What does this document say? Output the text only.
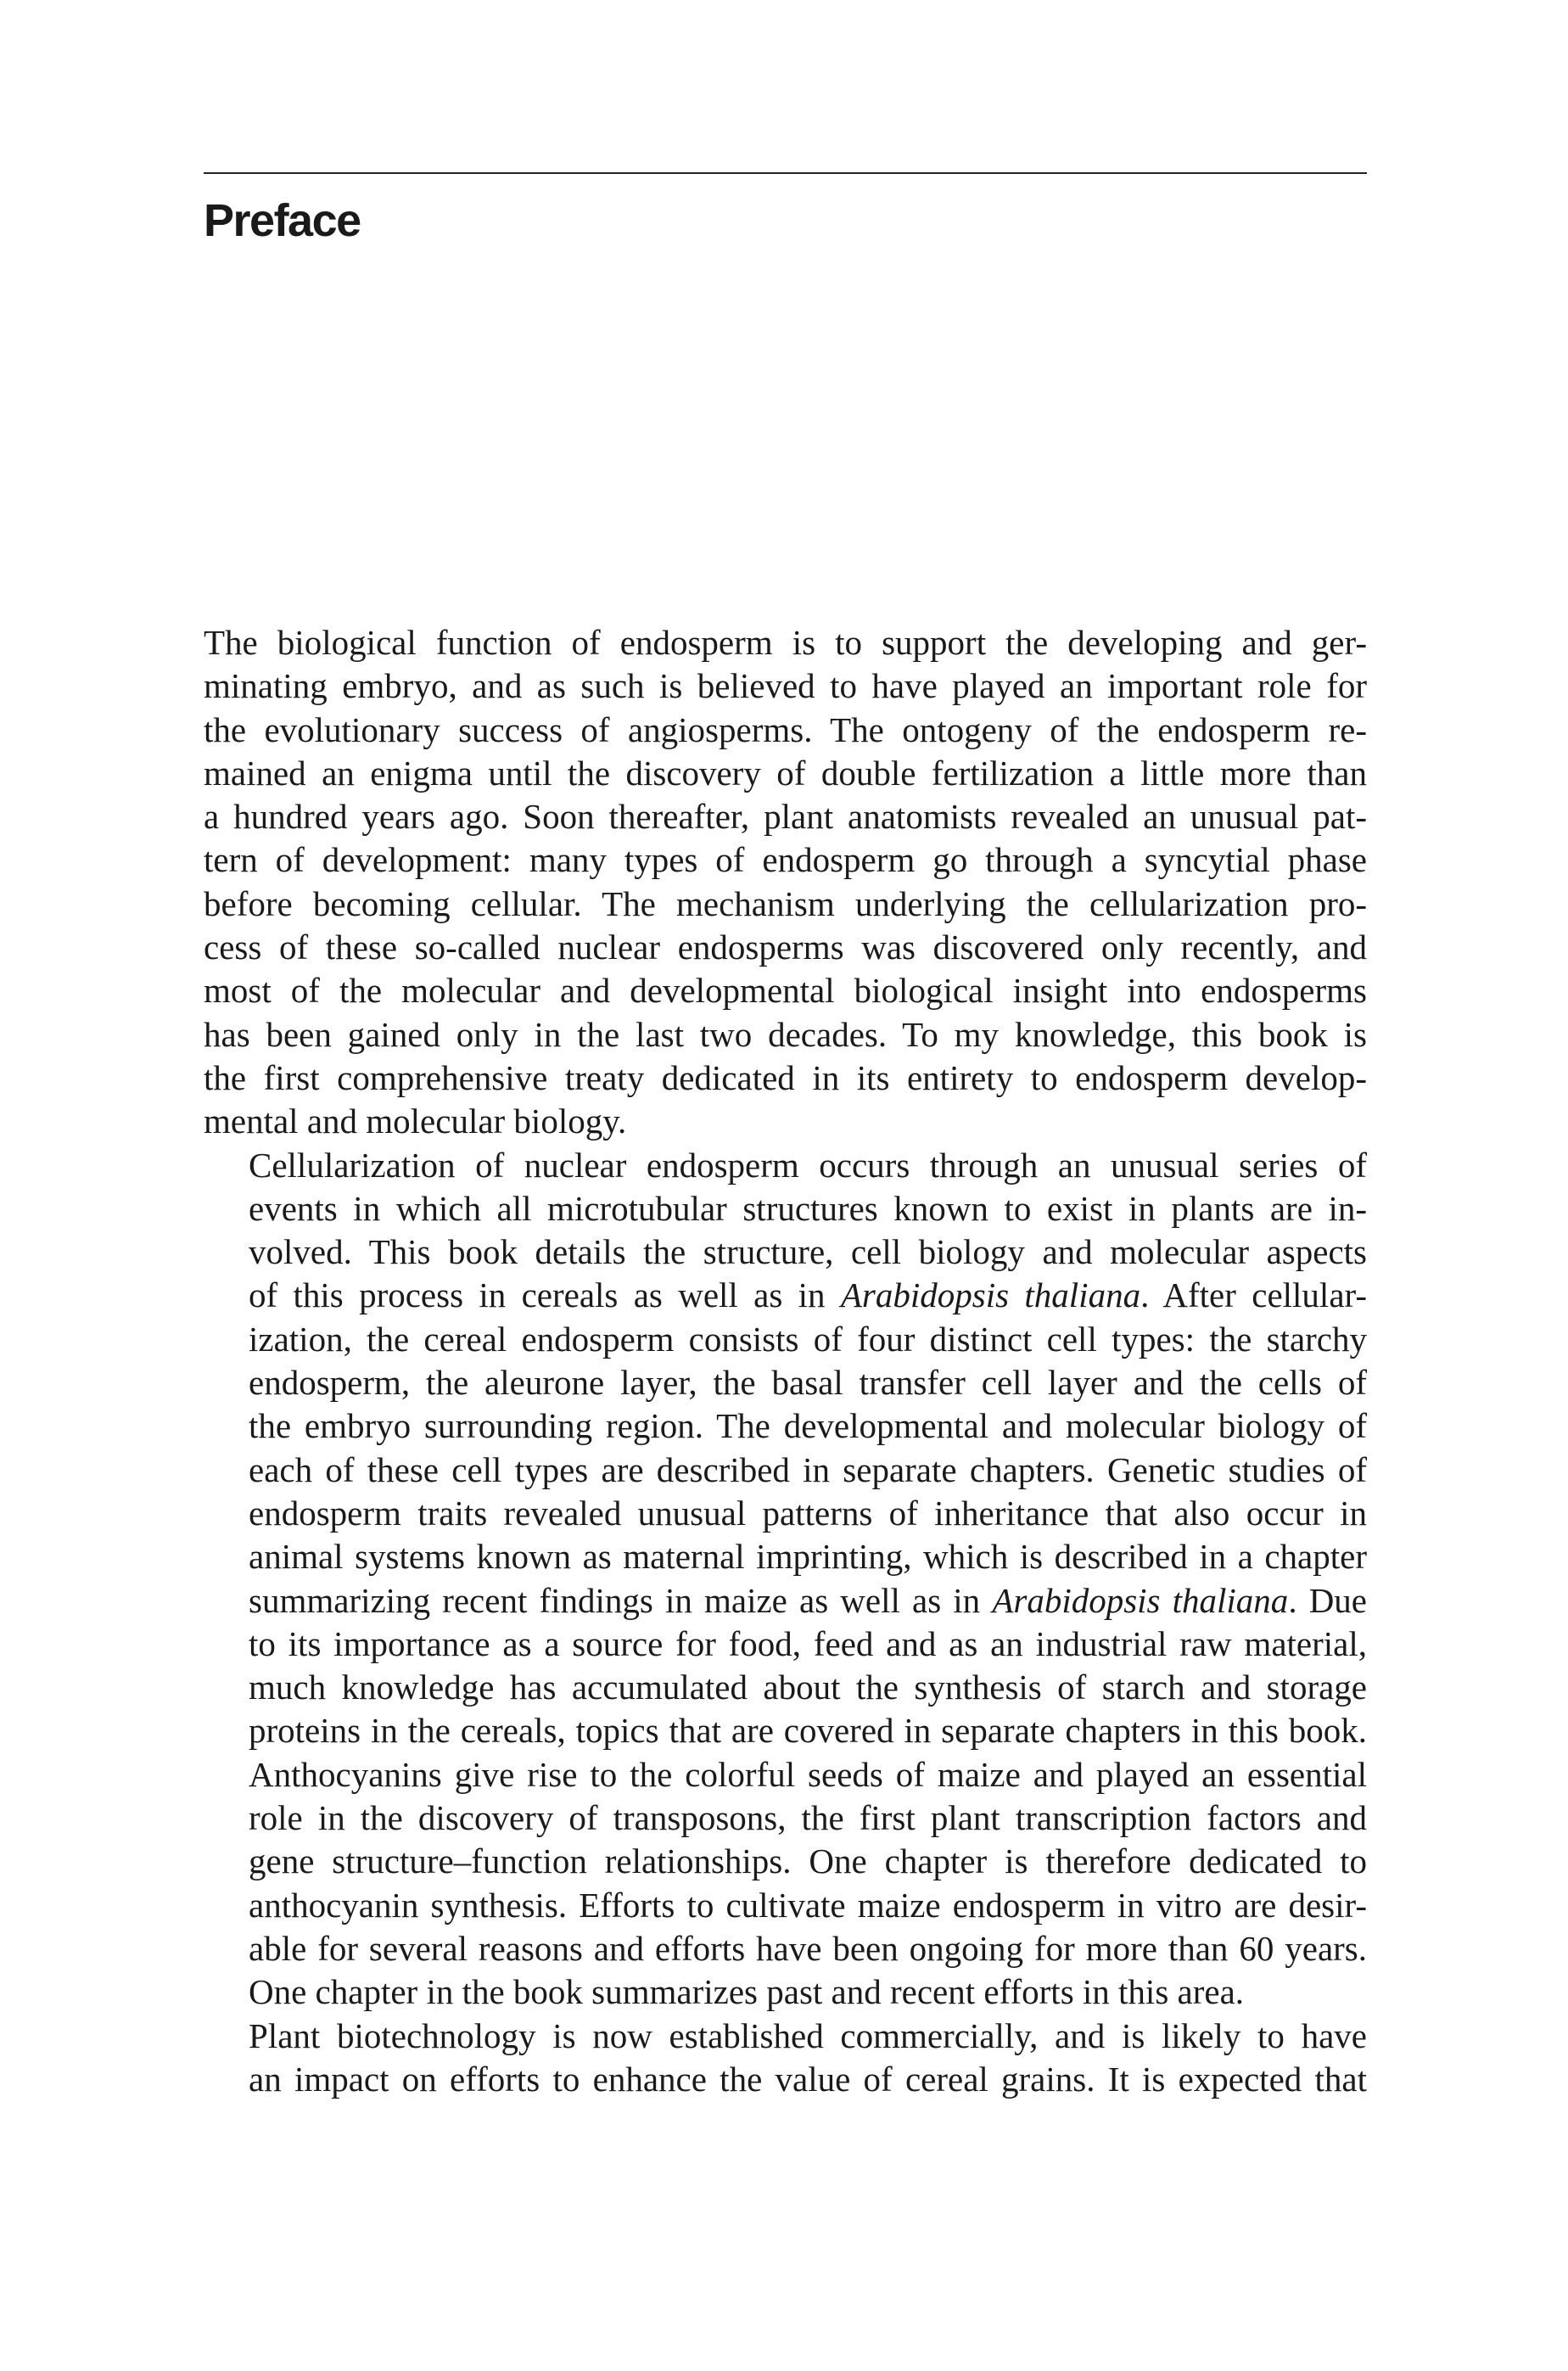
Preface

The biological function of endosperm is to support the developing and ger-
minating embryo, and as such is believed to have played an important role for
the evolutionary success of angiosperms. The ontogeny of the endosperm re-
mained an enigma until the discovery of double fertilization a little more than
a hundred years ago. Soon thereafter, plant anatomists revealed an unusual pat-
tern of development: many types of endosperm go through a syncytial phase
before becoming cellular. The mechanism underlying the cellularization pro-
cess of these so-called nuclear endosperms was discovered only recently, and
most of the molecular and developmental biological insight into endosperms
has been gained only in the last two decades. To my knowledge, this book is
the first comprehensive treaty dedicated in its entirety to endosperm develop-
mental and molecular biology.

Cellularization of nuclear endosperm occurs through an unusual series of
events in which all microtubular structures known to exist in plants are in-
volved. This book details the structure, cell biology and molecular aspects
of this process in cereals as well as in Arabidopsis thaliana. After cellular-
ization, the cereal endosperm consists of four distinct cell types: the starchy
endosperm, the aleurone layer, the basal transfer cell layer and the cells of
the embryo surrounding region. The developmental and molecular biology of
each of these cell types are described in separate chapters. Genetic studies of
endosperm traits revealed unusual patterns of inheritance that also occur in
animal systems known as maternal imprinting, which is described in a chapter
summarizing recent findings in maize as well as in Arabidopsis thaliana. Due
to its importance as a source for food, feed and as an industrial raw material,
much knowledge has accumulated about the synthesis of starch and storage
proteins in the cereals, topics that are covered in separate chapters in this book.
Anthocyanins give rise to the colorful seeds of maize and played an essential
role in the discovery of transposons, the first plant transcription factors and
gene structure–function relationships. One chapter is therefore dedicated to
anthocyanin synthesis. Efforts to cultivate maize endosperm in vitro are desir-
able for several reasons and efforts have been ongoing for more than 60 years.
One chapter in the book summarizes past and recent efforts in this area.

Plant biotechnology is now established commercially, and is likely to have
an impact on efforts to enhance the value of cereal grains. It is expected that
